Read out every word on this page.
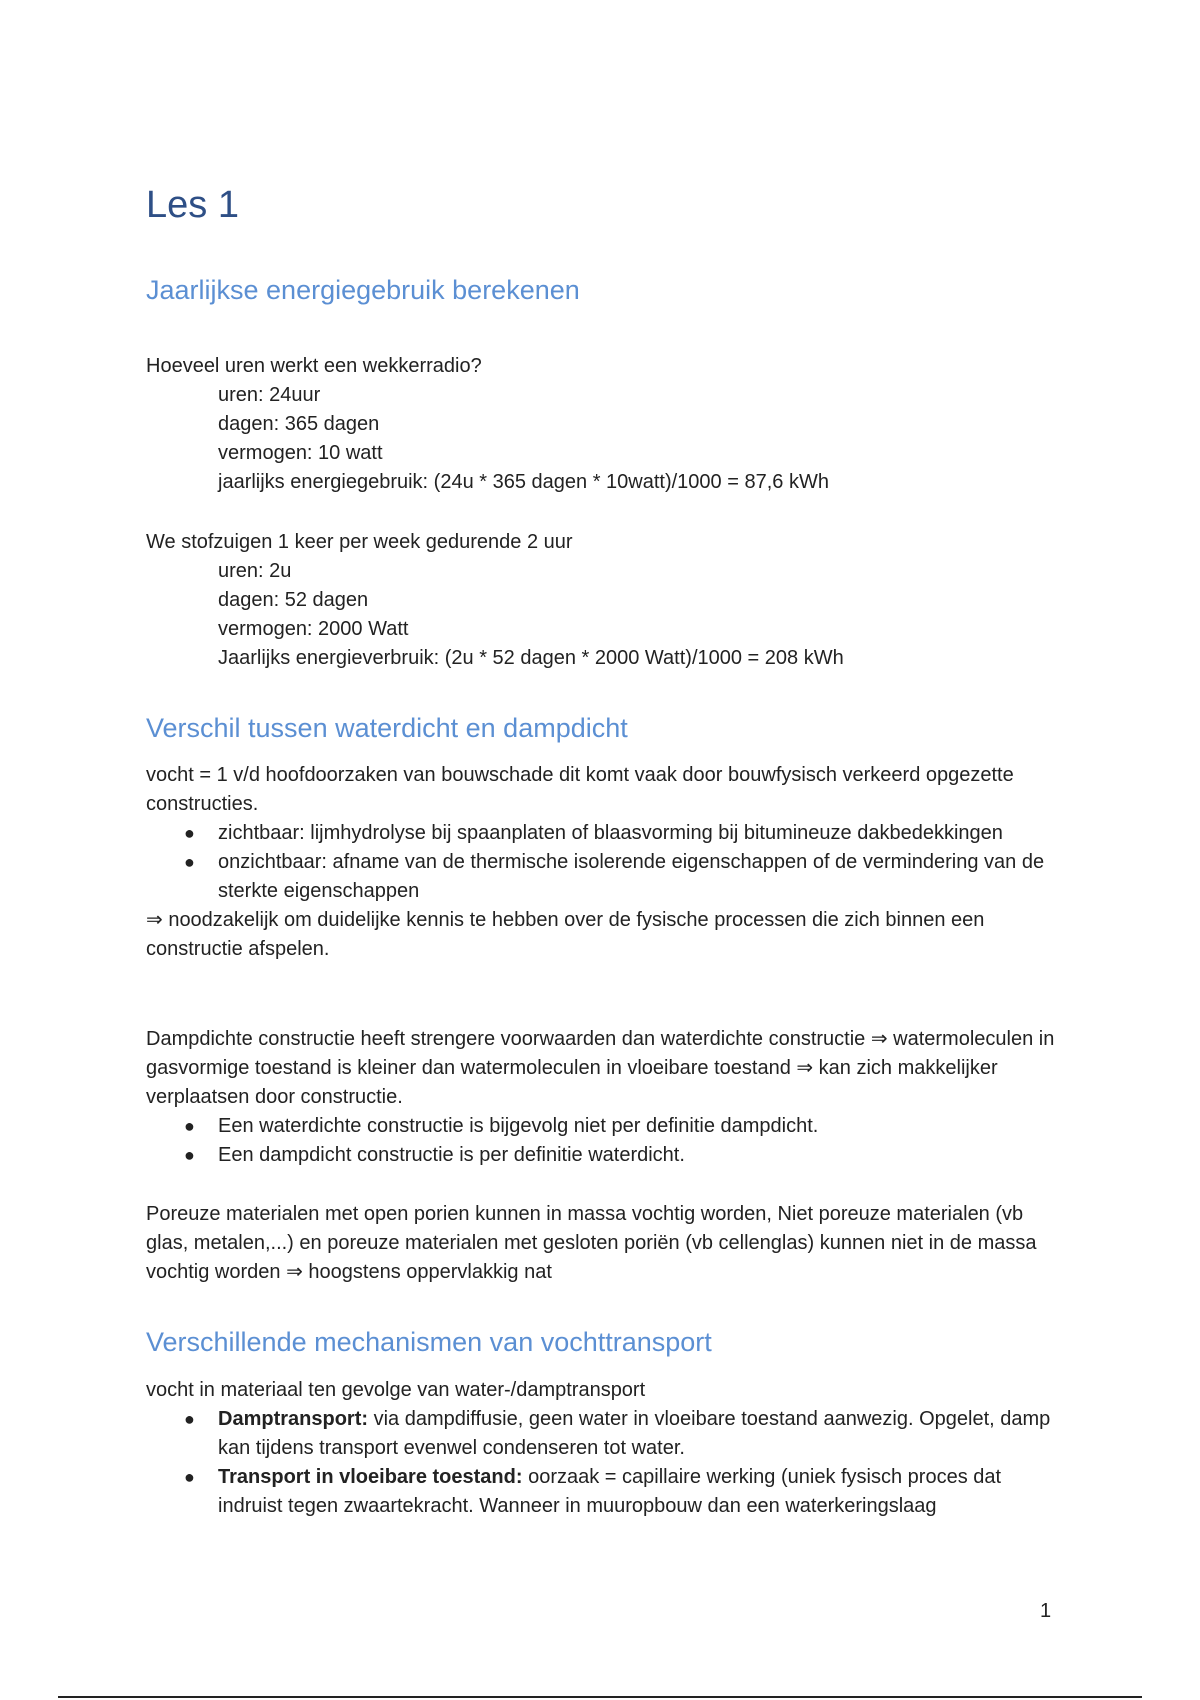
Les 1
Jaarlijkse energiegebruik berekenen

Hoeveel uren werkt een wekkerradio?

uren: 24uur

dagen: 365 dagen

vermogen: 10 watt

jaarlijks energiegebruik: (24u * 365 dagen * 10watt)/1000 = 87,6 kWh

We stofzuigen 1 keer per week gedurende 2 uur

uren: 2u

dagen: 52 dagen

vermogen: 2000 Watt

Jaarlijks energieverbruik: (2u * 52 dagen * 2000 Watt)/1000 = 208 kWh

Verschil tussen waterdicht en dampdicht

vocht = 1 v/d hoofdoorzaken van bouwschade dit komt vaak door bouwfysisch verkeerd opgezette constructies.

● zichtbaar: lijmhydrolyse bij spaanplaten of blaasvorming bij bitumineuze dakbedekkingen
● onzichtbaar: afname van de thermische isolerende eigenschappen of de vermindering van de sterkte eigenschappen

⇒ noodzakelijk om duidelijke kennis te hebben over de fysische processen die zich binnen een constructie afspelen.

Dampdichte constructie heeft strengere voorwaarden dan waterdichte constructie ⇒ watermoleculen in gasvormige toestand is kleiner dan watermoleculen in vloeibare toestand ⇒ kan zich makkelijker verplaatsen door constructie.

● Een waterdichte constructie is bijgevolg niet per definitie dampdicht.
● Een dampdicht constructie is per definitie waterdicht.

Poreuze materialen met open porien kunnen in massa vochtig worden, Niet poreuze materialen (vb glas, metalen,...) en poreuze materialen met gesloten poriën (vb cellenglas) kunnen niet in de massa vochtig worden ⇒ hoogstens oppervlakkig nat

Verschillende mechanismen van vochttransport

vocht in materiaal ten gevolge van water-/damptransport

● Damptransport: via dampdiffusie, geen water in vloeibare toestand aanwezig. Opgelet, damp kan tijdens transport evenwel condenseren tot water.
● Transport in vloeibare toestand: oorzaak = capillaire werking (uniek fysisch proces dat indruist tegen zwaartekracht. Wanneer in muuropbouw dan een waterkeringslaag
1
